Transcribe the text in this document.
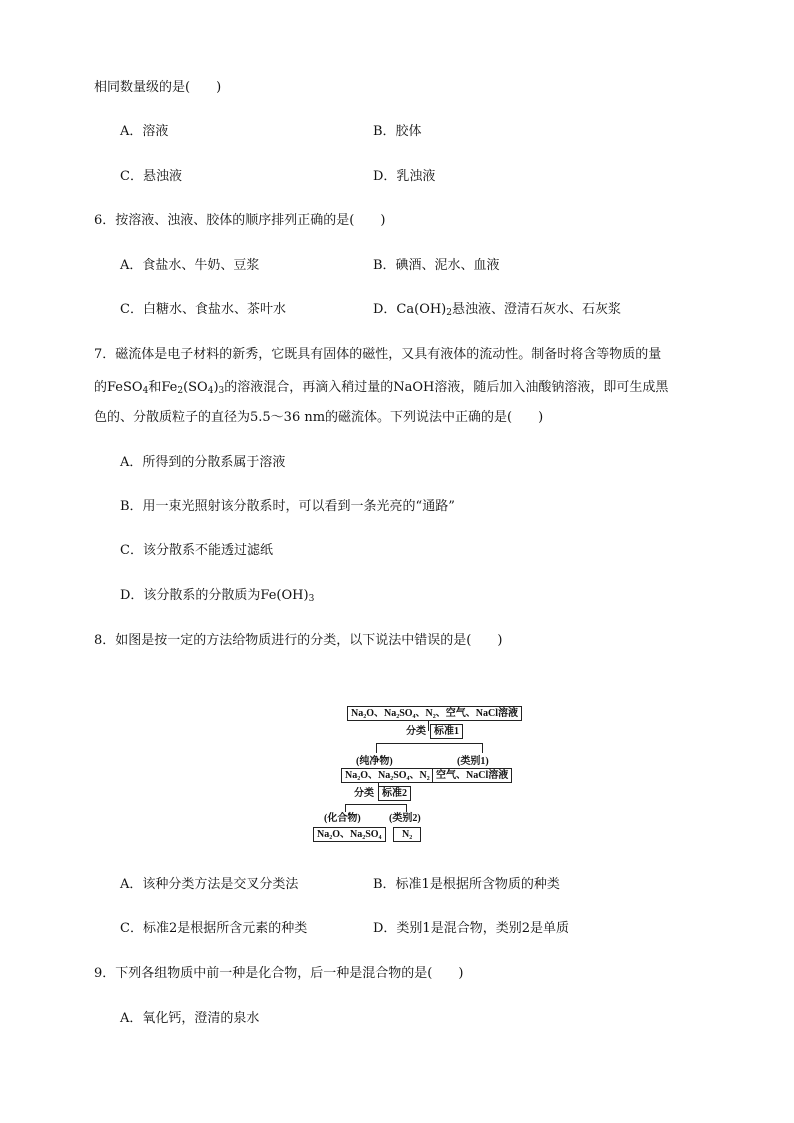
相同数量级的是(　　)
A．溶液	B．胶体
C．悬浊液	D．乳浊液
6．按溶液、浊液、胶体的顺序排列正确的是(　　)
A．食盐水、牛奶、豆浆	B．碘酒、泥水、血液
C．白糖水、食盐水、茶叶水	D．$Ca(OH)_2$悬浊液、澄清石灰水、石灰浆
7．磁流体是电子材料的新秀，它既具有固体的磁性，又具有液体的流动性。制备时将含等物质的量
的FeSO$_4$和$Fe_2(SO_4)_3$的溶液混合，再滴入稍过量的NaOH溶液，随后加入油酸钠溶液，即可生成黑
色的、分散质粒子的直径为5.5～36 nm的磁流体。下列说法中正确的是(　　)
A．所得到的分散系属于溶液
B．用一束光照射该分散系时，可以看到一条光亮的“通路”
C．该分散系不能透过滤纸
D．该分散系的分散质为$Fe(OH)_3$
8．如图是按一定的方法给物质进行的分类，以下说法中错误的是(　　)
Na₂O、Na₂SO₄、N₂、空气、NaCl溶液
分类 标准1
(纯净物)	(类别1)
Na₂O、Na₂SO₄、N₂ 空气、NaCl溶液
分类 标准2
(化合物)	(类别2)
Na₂O、Na₂SO₄	N₂
A．该种分类方法是交叉分类法	B．标准1是根据所含物质的种类
C．标准2是根据所含元素的种类	D．类别1是混合物，类别2是单质
9．下列各组物质中前一种是化合物，后一种是混合物的是(　　)
A．氧化钙，澄清的泉水
